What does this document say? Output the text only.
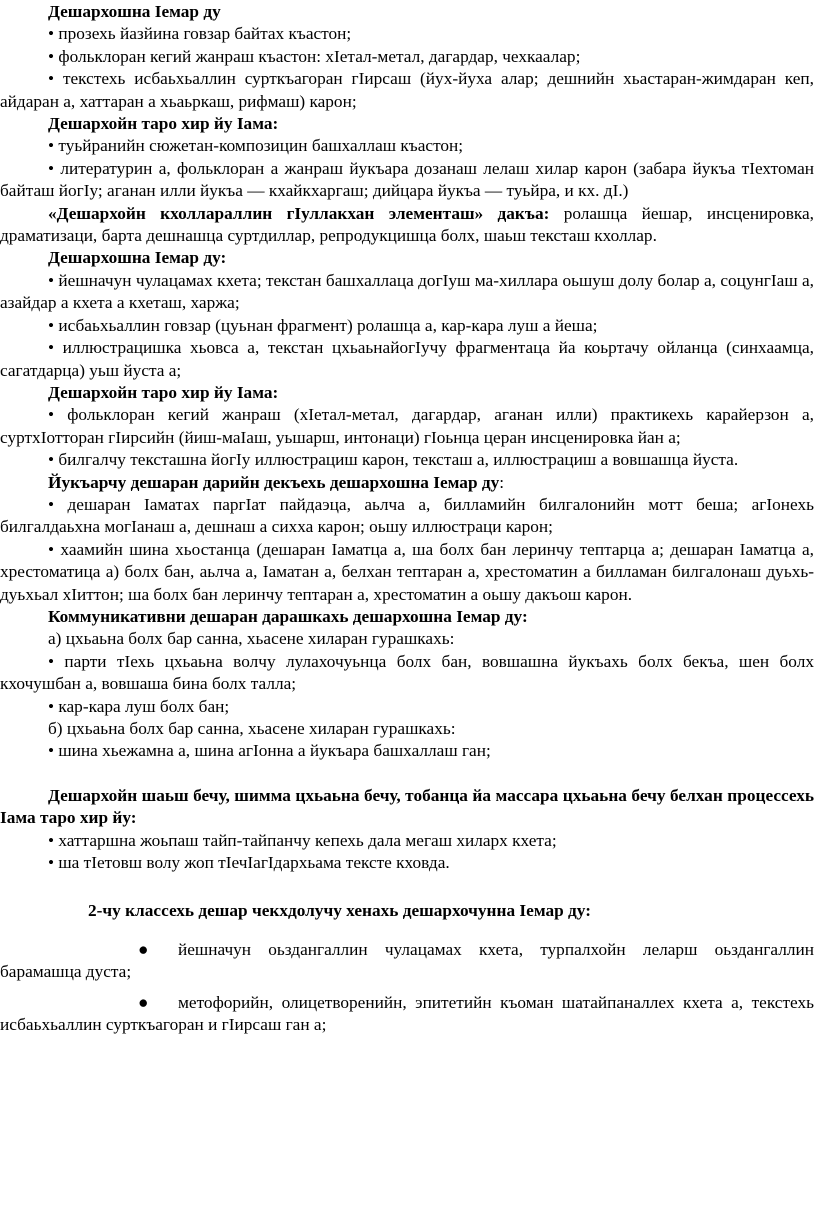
Дешархошна Iемар ду

• прозехь йазйина говзар байтах къастон;

• фольклоран кегий жанраш къастон: хIетал-метал, дагардар, чехкаалар;

• текстехь исбаьхьаллин сурткъагоран гIирсаш (йух-йуха алар; дешнийн хьастаран-жимдаран кеп, айдаран а, хаттаран а хьаьркаш, рифмаш) карон;

Дешархойн таро хир йу Iама:

• туьйранийн сюжетан-композицин башхаллаш къастон;

• литературин а, фольклоран а жанраш йукъара дозанаш лелаш хилар карон (забара йукъа тIехтоман байташ йогIу; аганан илли йукъа — кхайкхаргаш; дийцара йукъа — туьйра, и кх. дI.)

«Дешархойн кхоллараллин гIуллакхан элементаш» дакъа: ролашца йешар, инсценировка, драматизаци, барта дешнашца суртдиллар, репродукцишца болх, шаьш тексташ кхоллар.

Дешархошна Iемар ду:

• йешначун чулацамах кхета; текстан башхаллаца догIуш ма-хиллара оьшуш долу болар а, соцунгIаш а, азайдар а кхета а кхеташ, харжа;

• исбаьхьаллин говзар (цуьнан фрагмент) ролашца а, кар-кара луш а йеша;

• иллюстрацишка хьовса а, текстан цхьаьнайогIучу фрагментаца йа коьртачу ойланца (синхаамца, сагатдарца) уьш йуста а;

Дешархойн таро хир йу Iама:

• фольклоран кегий жанраш (хIетал-метал, дагардар, аганан илли) практикехь карайерзон а, суртхIотторан гIирсийн (йиш-маIаш, уьшарш, интонаци) гIоьнца церан инсценировка йан а;

• билгалчу тексташна йогIу иллюстрациш карон, тексташ а, иллюстрациш а вовшашца йуста.

Йукъарчу дешаран дарийн декъехь дешархошна Iемар ду:

• дешаран Iаматах паргIат пайдаэца, аьлча а, билламийн билгалонийн мотт беша; агIонехь билгалдаьхна могIанаш а, дешнаш а сихха карон; оьшу иллюстраци карон;

• хаамийн шина хьостанца (дешаран Iаматца а, ша болх бан леринчу тептарца а; дешаран Iаматца а, хрестоматица а) болх бан, аьлча а, Iаматан а, белхан тептаран а, хрестоматин а билламан билгалонаш дуьхь-дуьхьал хIиттон; ша болх бан леринчу тептаран а, хрестоматин а оьшу дакъош карон.

Коммуникативни дешаран дарашкахь дешархошна Iемар ду:

а) цхьаьна болх бар санна, хьасене хиларан гурашкахь:

• парти тIехь цхьаьна волчу лулахочуьнца болх бан, вовшашна йукъахь болх бекъа, шен болх кхочушбан а, вовшаша бина болх талла;

• кар-кара луш болх бан;

б) цхьаьна болх бар санна, хьасене хиларан гурашкахь:

• шина хьежамна а, шина агIонна а йукъара башхаллаш ган;

Дешархойн шаьш бечу, шимма цхьаьна бечу, тобанца йа массара цхьаьна бечу белхан процессехь Iама таро хир йу:

• хаттаршна жоьпаш тайп-тайпанчу кепехь дала мегаш хиларх кхета;

• ша тIетовш волу жоп тIечIагIдархьама тексте кховда.

2-чу классехь дешар чекхдолучу хенахь дешархочунна Iемар ду:

●	йешначун оьздангаллин чулацамах кхета, турпалхойн леларш оьздангаллин барамашца дуста;

●	метофорийн, олицетворенийн, эпитетийн къоман шатайпаналлех кхета а, текстехь исбаьхьаллин сурткъагоран и гIирсаш ган а;
